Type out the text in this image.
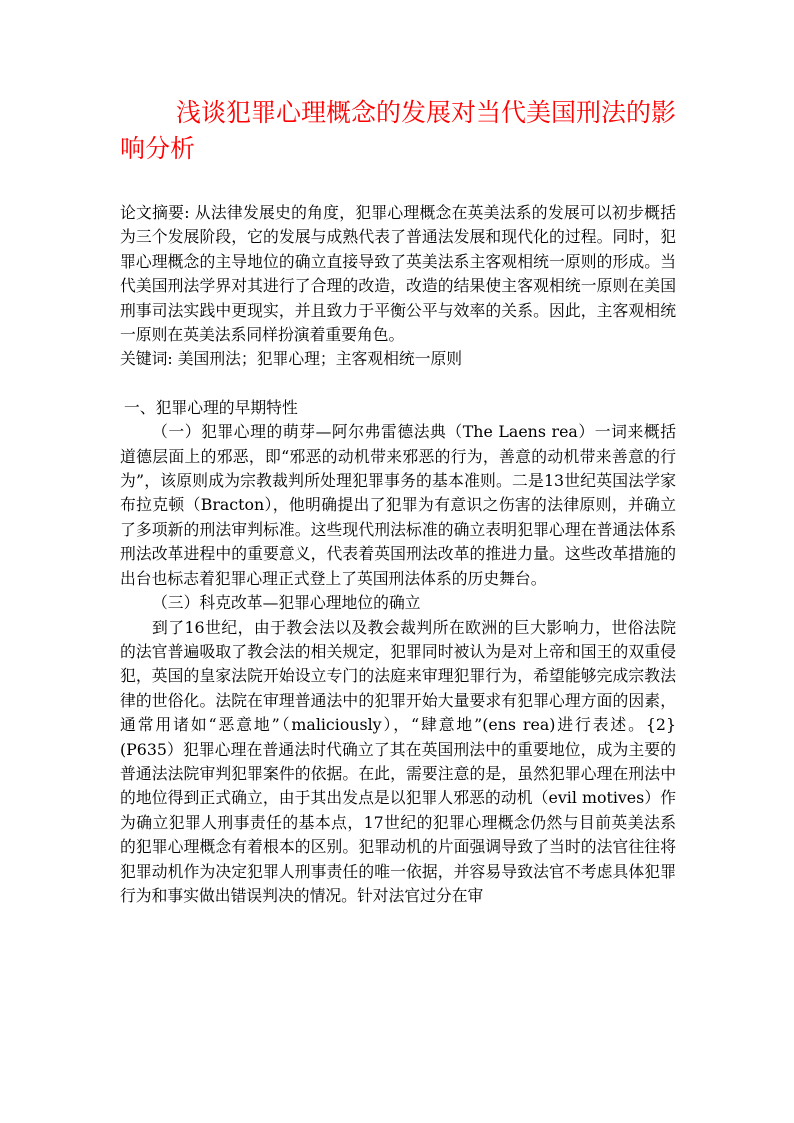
浅谈犯罪心理概念的发展对当代美国刑法的影响分析

论文摘要: 从法律发展史的角度，犯罪心理概念在英美法系的发展可以初步概括为三个发展阶段，它的发展与成熟代表了普通法发展和现代化的过程。同时，犯罪心理概念的主导地位的确立直接导致了英美法系主客观相统一原则的形成。当代美国刑法学界对其进行了合理的改造，改造的结果使主客观相统一原则在美国刑事司法实践中更现实，并且致力于平衡公平与效率的关系。因此，主客观相统一原则在英美法系同样扮演着重要角色。

关键词: 美国刑法；犯罪心理；主客观相统一原则

一、犯罪心理的早期特性

（一）犯罪心理的萌芽—阿尔弗雷德法典（The Laens rea）一词来概括道德层面上的邪恶，即“邪恶的动机带来邪恶的行为，善意的动机带来善意的行为”，该原则成为宗教裁判所处理犯罪事务的基本准则。二是13世纪英国法学家布拉克顿（Bracton），他明确提出了犯罪为有意识之伤害的法律原则，并确立了多项新的刑法审判标准。这些现代刑法标准的确立表明犯罪心理在普通法体系刑法改革进程中的重要意义，代表着英国刑法改革的推进力量。这些改革措施的出台也标志着犯罪心理正式登上了英国刑法体系的历史舞台。

（三）科克改革—犯罪心理地位的确立

到了16世纪，由于教会法以及教会裁判所在欧洲的巨大影响力，世俗法院的法官普遍吸取了教会法的相关规定，犯罪同时被认为是对上帝和国王的双重侵犯，英国的皇家法院开始设立专门的法庭来审理犯罪行为，希望能够完成宗教法律的世俗化。法院在审理普通法中的犯罪开始大量要求有犯罪心理方面的因素，通常用诸如“恶意地”（maliciously），“肆意地”(ens rea)进行表述。{2}(P635）犯罪心理在普通法时代确立了其在英国刑法中的重要地位，成为主要的普通法法院审判犯罪案件的依据。在此，需要注意的是，虽然犯罪心理在刑法中的地位得到正式确立，由于其出发点是以犯罪人邪恶的动机（evil motives）作为确立犯罪人刑事责任的基本点，17世纪的犯罪心理概念仍然与目前英美法系的犯罪心理概念有着根本的区别。犯罪动机的片面强调导致了当时的法官往往将犯罪动机作为决定犯罪人刑事责任的唯一依据，并容易导致法官不考虑具体犯罪行为和事实做出错误判决的情况。针对法官过分在审
